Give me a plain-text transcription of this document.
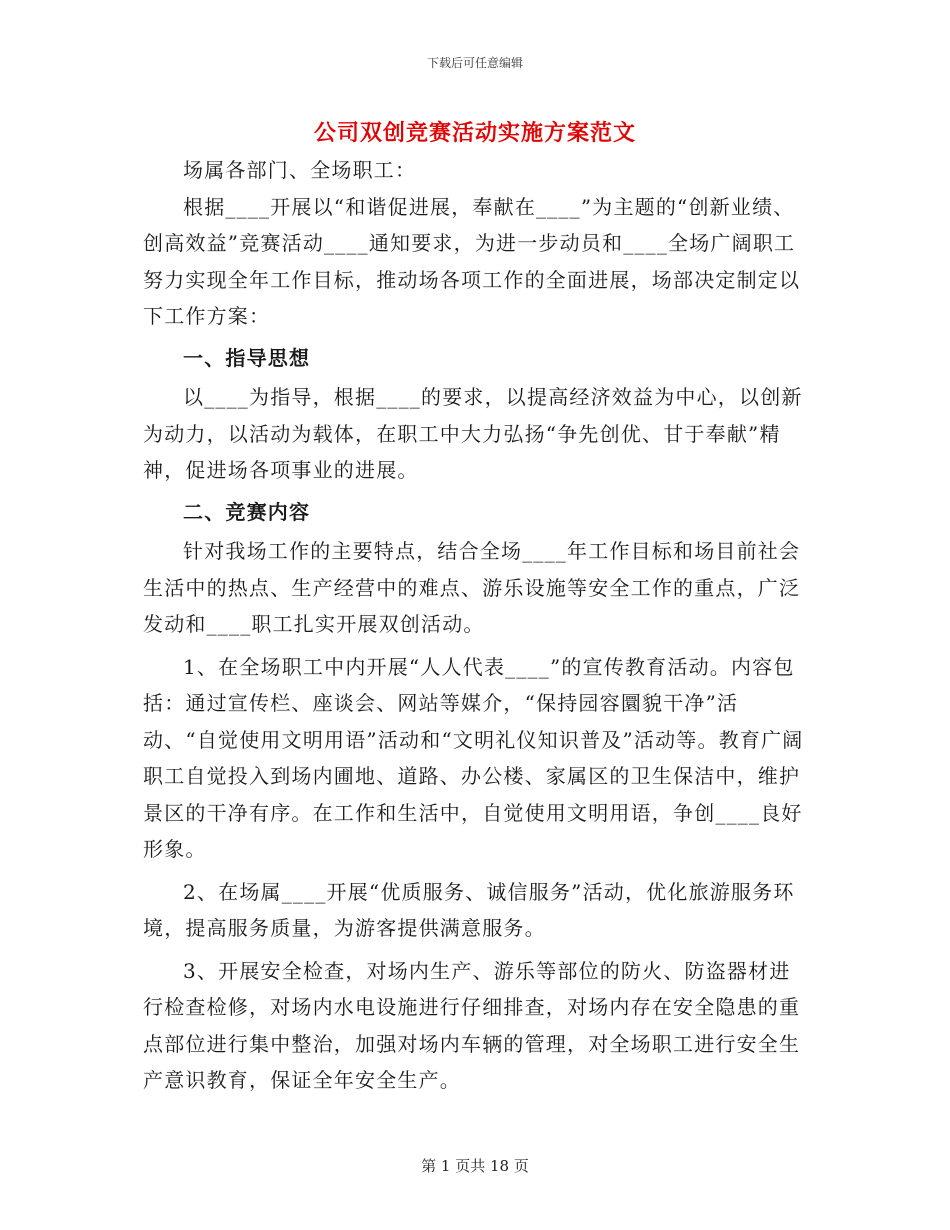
下载后可任意编辑
公司双创竞赛活动实施方案范文

场属各部门、全场职工：

根据____开展以“和谐促进展，奉献在____”为主题的“创新业绩、创高效益”竞赛活动____通知要求，为进一步动员和____全场广阔职工努力实现全年工作目标，推动场各项工作的全面进展，场部决定制定以下工作方案：

一、指导思想

以____为指导，根据____的要求，以提高经济效益为中心，以创新为动力，以活动为载体，在职工中大力弘扬“争先创优、甘于奉献”精神，促进场各项事业的进展。

二、竞赛内容

针对我场工作的主要特点，结合全场____年工作目标和场目前社会生活中的热点、生产经营中的难点、游乐设施等安全工作的重点，广泛发动和____职工扎实开展双创活动。

1、在全场职工中内开展“人人代表____”的宣传教育活动。内容包括：通过宣传栏、座谈会、网站等媒介，“保持园容圜貌干净”活动、“自觉使用文明用语”活动和“文明礼仪知识普及”活动等。教育广阔职工自觉投入到场内圃地、道路、办公楼、家属区的卫生保洁中，维护景区的干净有序。在工作和生活中，自觉使用文明用语，争创____良好形象。

2、在场属____开展“优质服务、诚信服务”活动，优化旅游服务环境，提高服务质量，为游客提供满意服务。

3、开展安全检查，对场内生产、游乐等部位的防火、防盗器材进行检查检修，对场内水电设施进行仔细排查，对场内存在安全隐患的重点部位进行集中整治，加强对场内车辆的管理，对全场职工进行安全生产意识教育，保证全年安全生产。

第 1 页共 18 页
